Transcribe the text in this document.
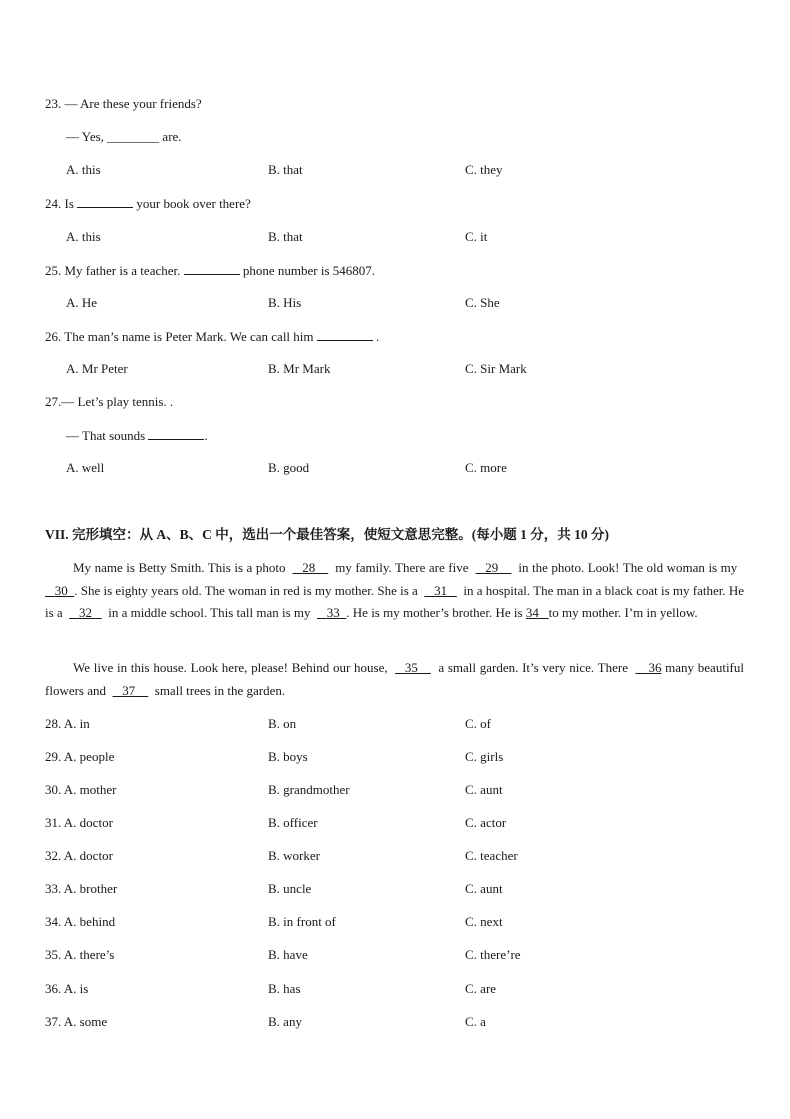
23. — Are these your friends?
— Yes, ________ are.
A. this	B. that	C. they
24. Is	your book over there?
A. this	B. that	C. it
25. My father is a teacher.	phone number is 546807.
A. He	B. His	C. She
26. The man’s name is Peter Mark. We can call him	.
A. Mr Peter	B. Mr Mark	C. Sir Mark
27.— Let’s play tennis. .
— That sounds	.
A. well	B. good	C. more
VII. 完形填空：从 A、B、C 中，选出一个最佳答案，使短文意思完整。(每小题 1 分，共 10 分)
My name is Betty Smith. This is a photo 28 my family. There are five 29 in the photo. Look! The old woman is my     30 . She is eighty years old. The woman in red is my mother. She is a 31 in a hospital. The man in a black coat is my father. He is a 32 in a middle school. This tall man is my 33 . He is my mother’s brother. He is 34 to my mother. I’m in yellow.
We live in this house. Look here, please! Behind our house, 35 a small garden. It’s very nice. There 36 many beautiful flowers and 37 small trees in the garden.
28. A. in	B. on	C. of
29. A. people	B. boys	C. girls
30. A. mother	B. grandmother	C. aunt
31. A. doctor	B. officer	C. actor
32. A. doctor	B. worker	C. teacher
33. A. brother	B. uncle	C. aunt
34. A. behind	B. in front of	C. next
35. A. there’s	B. have	C. there’re
36. A. is	B. has	C. are
37. A. some	B. any	C. a
